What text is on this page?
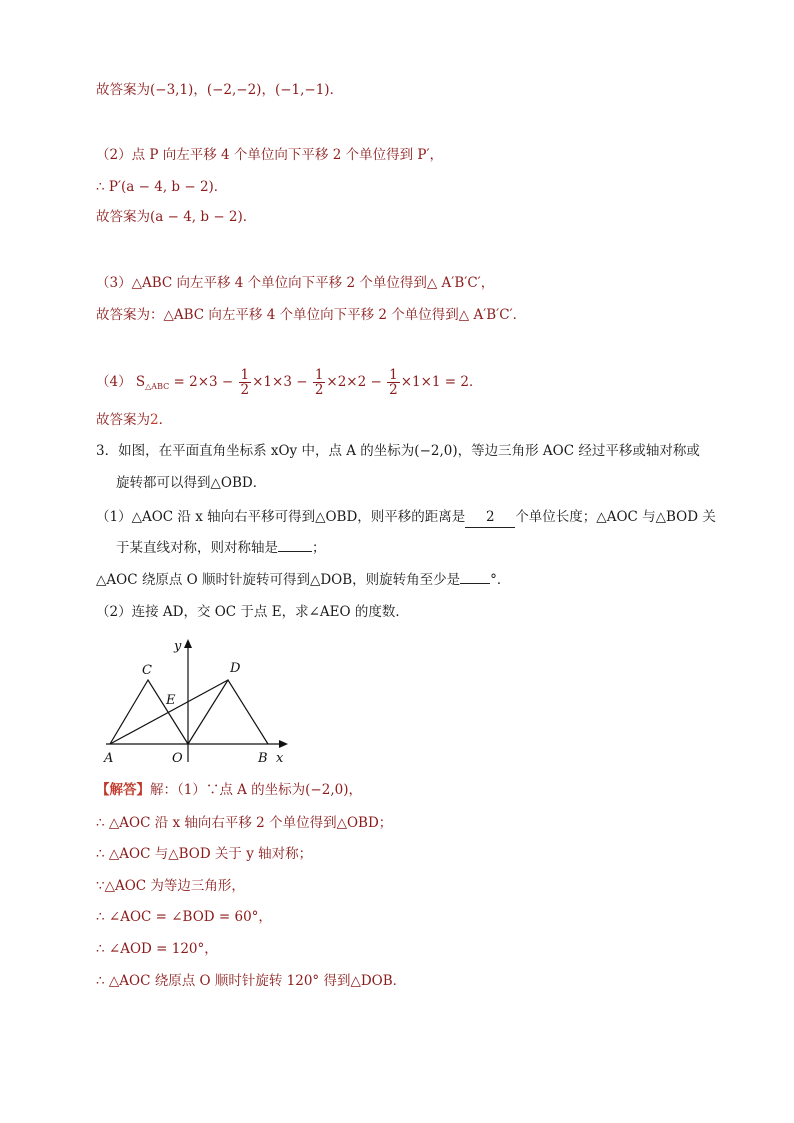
故答案为(−3,1)，(−2,−2)，(−1,−1)．
（2）点 P 向左平移 4 个单位向下平移 2 个单位得到 P′，
∴ P′(a − 4, b − 2)．
故答案为(a − 4, b − 2)．
（3）△ABC 向左平移 4 个单位向下平移 2 个单位得到△ A′B′C′，
故答案为：△ABC 向左平移 4 个单位向下平移 2 个单位得到△ A′B′C′．
（4） $S_{\triangle ABC} = 2\times 3 - \frac{1}{2} \times 1\times 3 - \frac{1}{2} \times 2\times 2 - \frac{1}{2} \times 1\times 1 = 2$．
故答案为2．
3．如图，在平面直角坐标系 xOy 中，点 A 的坐标为(−2,0)，等边三角形 AOC 经过平移或轴对称或
旋转都可以得到△OBD．
（1）△AOC 沿 x 轴向右平移可得到△OBD，则平移的距离是 2 个单位长度；△AOC 与△BOD 关
于某直线对称，则对称轴是	；
△AOC 绕原点 O 顺时针旋转可得到△DOB，则旋转角至少是 °．
（2）连接 AD，交 OC 于点 E，求∠AEO 的度数．
y
x
C	D
E
A	O	B
【解答】解：（1）∵点 A 的坐标为(−2,0)，
∴ △AOC 沿 x 轴向右平移 2 个单位得到△OBD；
∴ △AOC 与△BOD 关于 y 轴对称；
∵△AOC 为等边三角形，
∴ ∠AOC = ∠BOD = 60°，
∴ ∠AOD = 120°，
∴ △AOC 绕原点 O 顺时针旋转 120° 得到△DOB．
